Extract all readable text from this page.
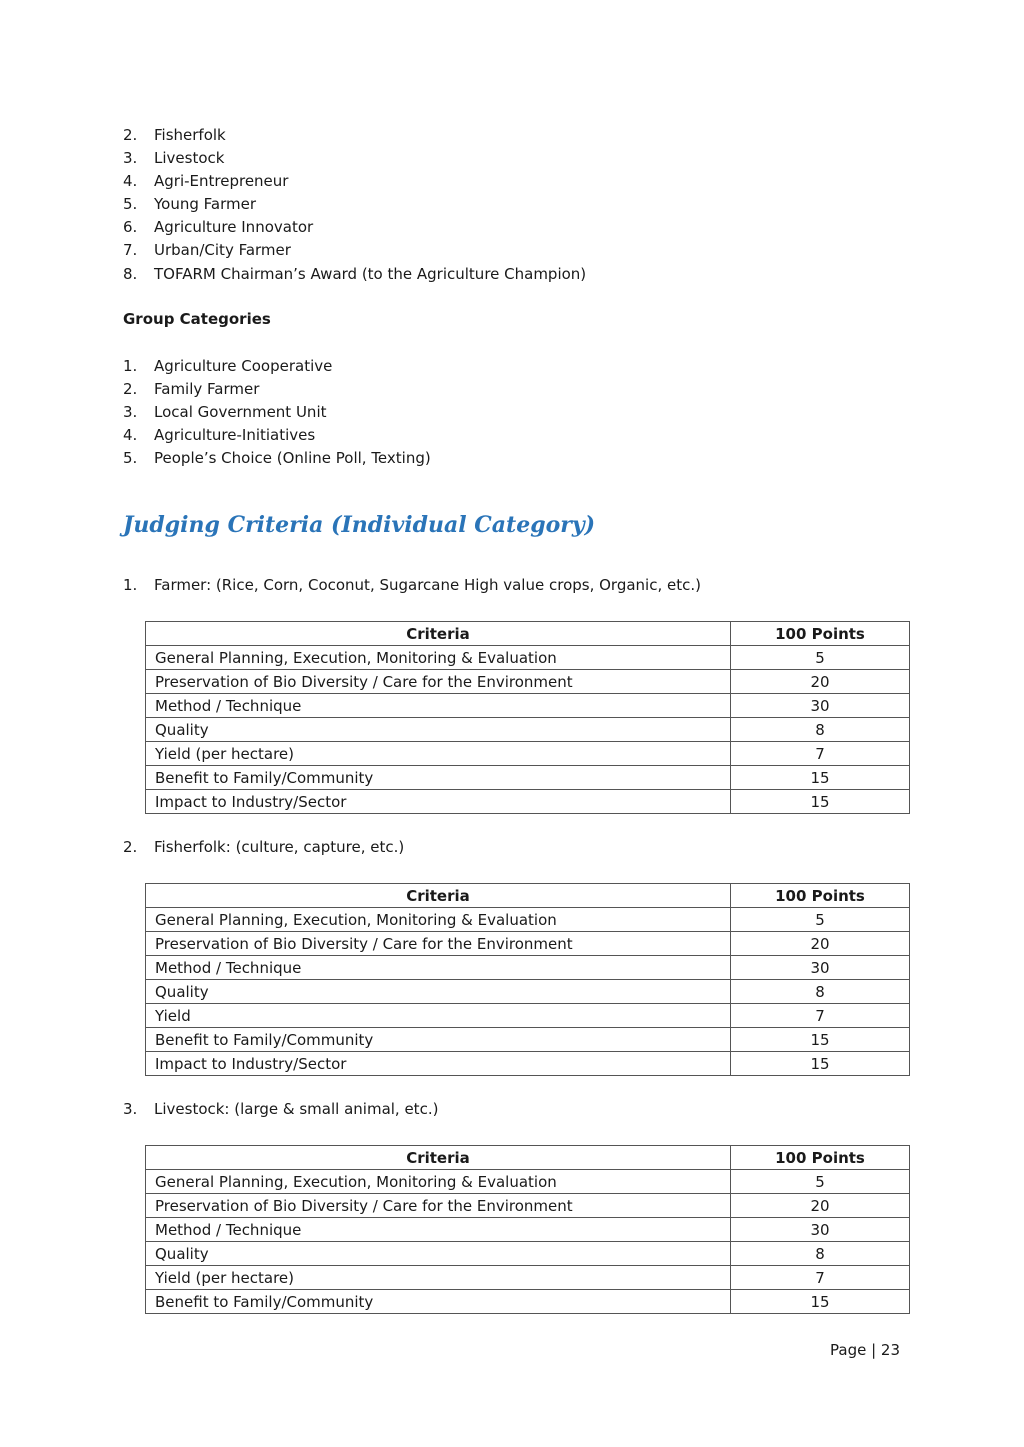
2. Fisherfolk
3. Livestock
4. Agri-Entrepreneur
5. Young Farmer
6. Agriculture Innovator
7. Urban/City Farmer
8. TOFARM Chairman’s Award (to the Agriculture Champion)
Group Categories
1. Agriculture Cooperative
2. Family Farmer
3. Local Government Unit
4. Agriculture-Initiatives
5. People’s Choice (Online Poll, Texting)
Judging Criteria (Individual Category)
1. Farmer: (Rice, Corn, Coconut, Sugarcane High value crops, Organic, etc.)
Criteria	100 Points
General Planning, Execution, Monitoring & Evaluation	5
Preservation of Bio Diversity / Care for the Environment	20
Method / Technique	30
Quality	8
Yield (per hectare)	7
Benefit to Family/Community	15
Impact to Industry/Sector	15
2. Fisherfolk: (culture, capture, etc.)
Criteria	100 Points
General Planning, Execution, Monitoring & Evaluation	5
Preservation of Bio Diversity / Care for the Environment	20
Method / Technique	30
Quality	8
Yield	7
Benefit to Family/Community	15
Impact to Industry/Sector	15
3. Livestock: (large & small animal, etc.)
Criteria	100 Points
General Planning, Execution, Monitoring & Evaluation	5
Preservation of Bio Diversity / Care for the Environment	20
Method / Technique	30
Quality	8
Yield (per hectare)	7
Benefit to Family/Community	15
Page | 23
